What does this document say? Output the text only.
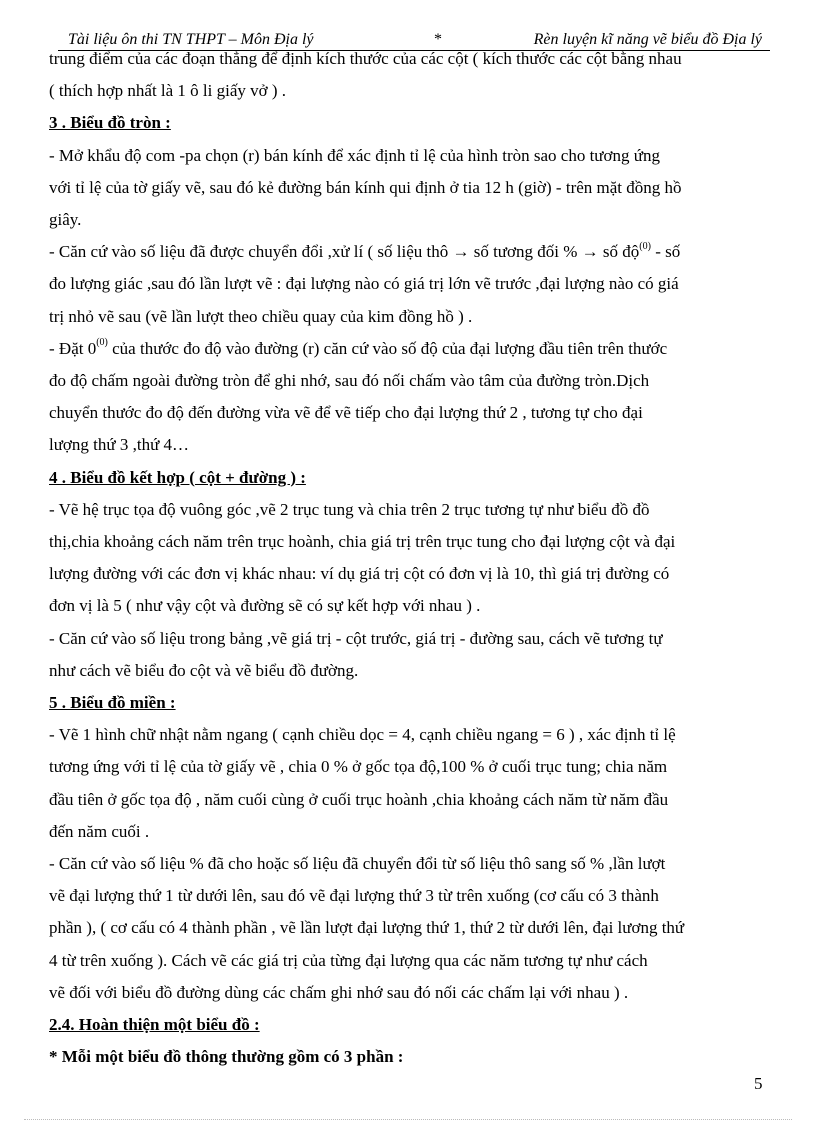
Tài liệu ôn thi TN THPT – Môn Địa lý	*	Rèn luyện kĩ năng vẽ biểu đồ Địa lý

trung điểm của các đoạn thẳng để định kích thước của các cột ( kích thước các cột bằng nhau

( thích hợp nhất là 1 ô li giấy vở ) .

3 . Biểu đồ tròn :

- Mở khẩu độ com -pa chọn (r) bán kính để xác định tỉ lệ của hình tròn sao cho tương ứng

với tỉ lệ của tờ giấy vẽ, sau đó kẻ đường bán kính qui định ở tia 12 h (giờ) - trên mặt đồng hồ

giây.

- Căn cứ vào số liệu đã được chuyển đổi ,xử lí ( số liệu thô → số tương đối % → số độ$^{(0)}$ - số

đo lượng giác ,sau đó lần lượt vẽ : đại lượng nào có giá trị lớn vẽ trước ,đại lượng nào có giá

trị nhỏ vẽ sau (vẽ lần lượt theo chiều quay của kim đồng hồ ) .

- Đặt 0$^{(0)}$ của thước đo độ vào đường (r) căn cứ vào số độ của đại lượng đầu tiên trên thước

đo độ chấm ngoài đường tròn để ghi nhớ, sau đó nối chấm vào tâm của đường tròn.Dịch

chuyển thước đo độ đến đường vừa vẽ để vẽ tiếp cho đại lượng thứ 2 , tương tự cho đại

lượng thứ 3 ,thứ 4…

4 . Biểu đồ kết hợp ( cột + đường ) :

- Vẽ hệ trục tọa độ vuông góc ,vẽ 2 trục tung và chia trên 2 trục tương tự như biểu đồ đồ

thị,chia khoảng cách năm trên trục hoành, chia giá trị trên trục tung cho đại lượng cột và đại

lượng đường với các đơn vị khác nhau: ví dụ giá trị cột có đơn vị là 10, thì giá trị đường có

đơn vị là 5 ( như vậy cột và đường sẽ có sự kết hợp với nhau ) .

- Căn cứ vào số liệu trong bảng ,vẽ giá trị - cột trước, giá trị - đường sau, cách vẽ tương tự

như cách vẽ biểu đo cột và vẽ biểu đồ đường.

5 . Biểu đồ miền :

- Vẽ 1 hình chữ nhật nằm ngang ( cạnh chiều dọc = 4, cạnh chiều ngang = 6 ) , xác định tỉ lệ

tương ứng với tỉ lệ của tờ giấy vẽ , chia 0 % ở gốc tọa độ,100 % ở cuối trục tung; chia năm

đầu tiên ở gốc tọa độ , năm cuối cùng ở cuối trục hoành ,chia khoảng cách năm từ năm đầu

đến năm cuối .

- Căn cứ vào số liệu % đã cho hoặc số liệu đã chuyển đổi từ số liệu thô sang số % ,lần lượt

vẽ đại lượng thứ 1 từ dưới lên, sau đó vẽ đại lượng thứ 3 từ trên xuống (cơ cấu có 3 thành

phần ), ( cơ cấu có 4 thành phần , vẽ lần lượt đại lượng thứ 1, thứ 2 từ dưới lên, đại lương thứ

4 từ trên xuống ). Cách vẽ các giá trị của từng đại lượng qua các năm tương tự như cách

vẽ đối với biểu đồ đường dùng các chấm ghi nhớ sau đó nối các chấm lại với nhau ) .

2.4. Hoàn thiện một biểu đồ :

* Mỗi một biểu đồ thông thường gồm có 3 phần :

5
